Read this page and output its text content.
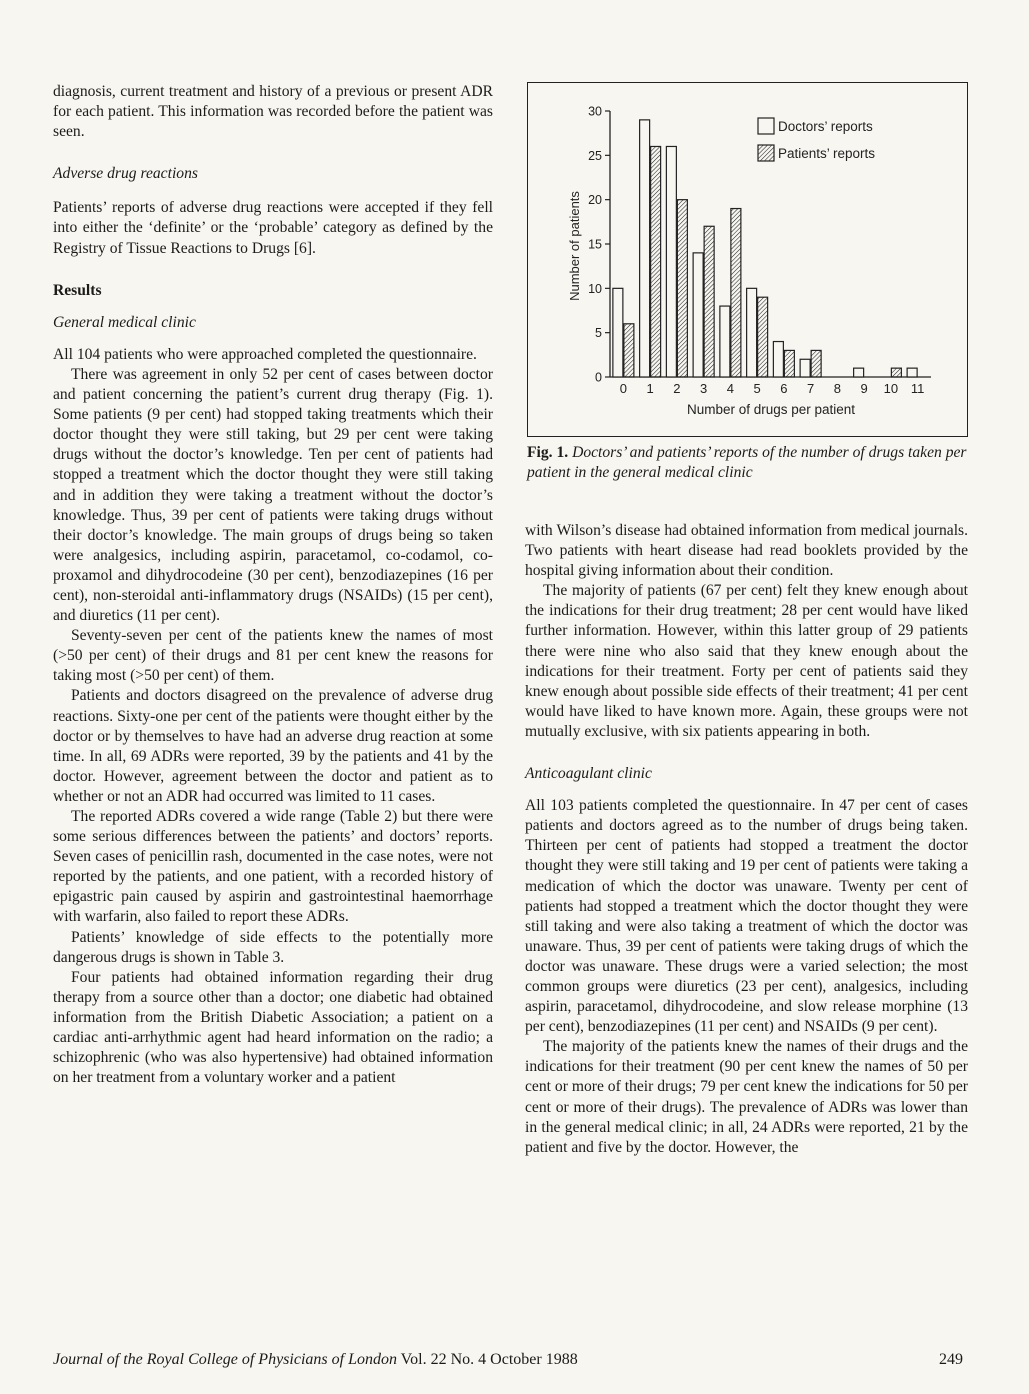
diagnosis, current treatment and history of a previous or present ADR for each patient. This information was recorded before the patient was seen.

Adverse drug reactions

Patients’ reports of adverse drug reactions were accepted if they fell into either the ‘definite’ or the ‘probable’ category as defined by the Registry of Tissue Reactions to Drugs [6].

Results

General medical clinic

All 104 patients who were approached completed the questionnaire.

There was agreement in only 52 per cent of cases between doctor and patient concerning the patient’s current drug therapy (Fig. 1). Some patients (9 per cent) had stopped taking treatments which their doctor thought they were still taking, but 29 per cent were taking drugs without the doctor’s knowledge. Ten per cent of patients had stopped a treatment which the doctor thought they were still taking and in addition they were taking a treatment without the doctor’s knowledge. Thus, 39 per cent of patients were taking drugs without their doctor’s knowledge. The main groups of drugs being so taken were analgesics, including aspirin, paracetamol, co-codamol, co-proxamol and dihydrocodeine (30 per cent), benzodiazepines (16 per cent), non-steroidal anti-inflammatory drugs (NSAIDs) (15 per cent), and diuretics (11 per cent).

Seventy-seven per cent of the patients knew the names of most (>50 per cent) of their drugs and 81 per cent knew the reasons for taking most (>50 per cent) of them.

Patients and doctors disagreed on the prevalence of adverse drug reactions. Sixty-one per cent of the patients were thought either by the doctor or by themselves to have had an adverse drug reaction at some time. In all, 69 ADRs were reported, 39 by the patients and 41 by the doctor. However, agreement between the doctor and patient as to whether or not an ADR had occurred was limited to 11 cases.

The reported ADRs covered a wide range (Table 2) but there were some serious differences between the patients’ and doctors’ reports. Seven cases of penicillin rash, documented in the case notes, were not reported by the patients, and one patient, with a recorded history of epigastric pain caused by aspirin and gastrointestinal haemorrhage with warfarin, also failed to report these ADRs.

Patients’ knowledge of side effects to the potentially more dangerous drugs is shown in Table 3.

Four patients had obtained information regarding their drug therapy from a source other than a doctor; one diabetic had obtained information from the British Diabetic Association; a patient on a cardiac anti-arrhythmic agent had heard information on the radio; a schizophrenic (who was also hypertensive) had obtained information on her treatment from a voluntary worker and a patient

0
5
10
15
20
25
30
0 1 2 3 4 5 6 7 8 9 10 11
Number of patients
Number of drugs per patient
Doctors’ reports
Patients’ reports
Fig. 1. Doctors’ and patients’ reports of the number of drugs taken per patient in the general medical clinic

with Wilson’s disease had obtained information from medical journals. Two patients with heart disease had read booklets provided by the hospital giving information about their condition.

The majority of patients (67 per cent) felt they knew enough about the indications for their drug treatment; 28 per cent would have liked further information. However, within this latter group of 29 patients there were nine who also said that they knew enough about the indications for their treatment. Forty per cent of patients said they knew enough about possible side effects of their treatment; 41 per cent would have liked to have known more. Again, these groups were not mutually exclusive, with six patients appearing in both.

Anticoagulant clinic

All 103 patients completed the questionnaire. In 47 per cent of cases patients and doctors agreed as to the number of drugs being taken. Thirteen per cent of patients had stopped a treatment the doctor thought they were still taking and 19 per cent of patients were taking a medication of which the doctor was unaware. Twenty per cent of patients had stopped a treatment which the doctor thought they were still taking and were also taking a treatment of which the doctor was unaware. Thus, 39 per cent of patients were taking drugs of which the doctor was unaware. These drugs were a varied selection; the most common groups were diuretics (23 per cent), analgesics, including aspirin, paracetamol, dihydrocodeine, and slow release morphine (13 per cent), benzodiazepines (11 per cent) and NSAIDs (9 per cent).

The majority of the patients knew the names of their drugs and the indications for their treatment (90 per cent knew the names of 50 per cent or more of their drugs; 79 per cent knew the indications for 50 per cent or more of their drugs). The prevalence of ADRs was lower than in the general medical clinic; in all, 24 ADRs were reported, 21 by the patient and five by the doctor. However, the

Journal of the Royal College of Physicians of London Vol. 22 No. 4 October 1988	249
